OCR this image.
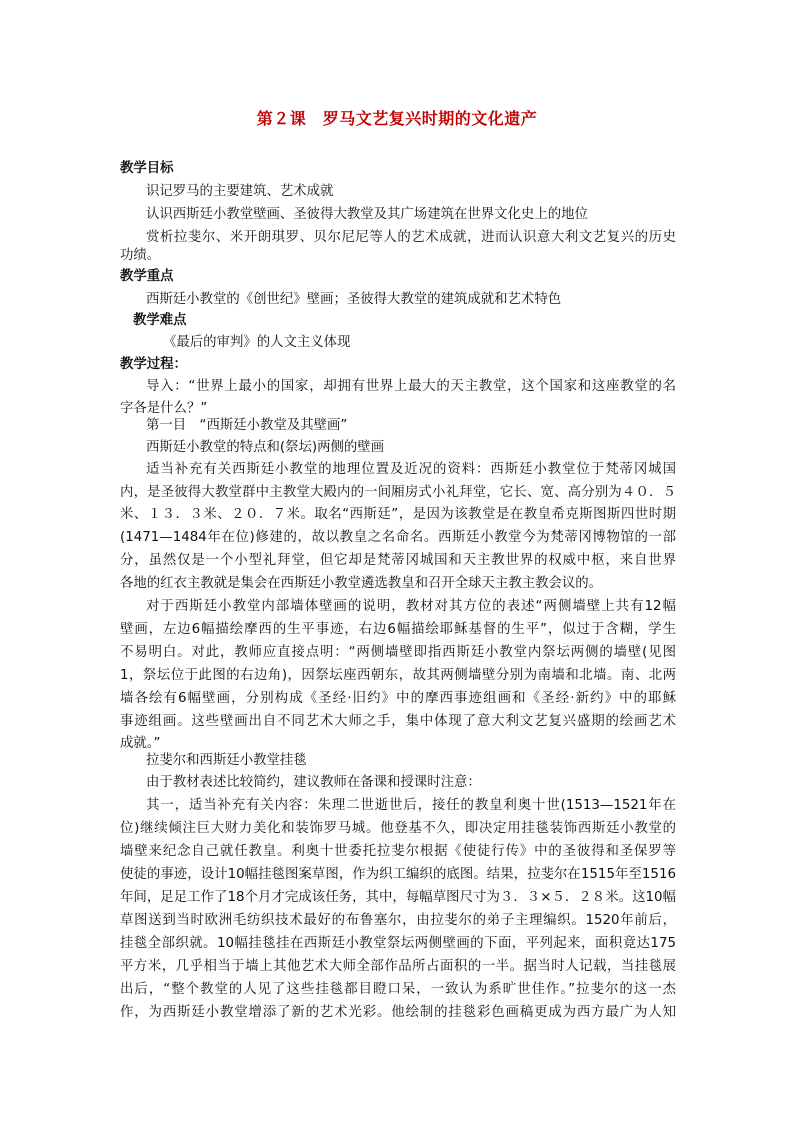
第２课　罗马文艺复兴时期的文化遗产
教学目标
识记罗马的主要建筑、艺术成就
认识西斯廷小教堂壁画、圣彼得大教堂及其广场建筑在世界文化史上的地位
赏析拉斐尔、米开朗琪罗、贝尔尼尼等人的艺术成就，进而认识意大利文艺复兴的历史
功绩。
教学重点
西斯廷小教堂的《创世纪》壁画；圣彼得大教堂的建筑成就和艺术特色
教学难点
《最后的审判》的人文主义体现
教学过程：
导入：“世界上最小的国家，却拥有世界上最大的天主教堂，这个国家和这座教堂的名
字各是什么？”
第一目　“西斯廷小教堂及其壁画”
西斯廷小教堂的特点和(祭坛)两侧的壁画
适当补充有关西斯廷小教堂的地理位置及近况的资料：西斯廷小教堂位于梵蒂冈城国
内，是圣彼得大教堂群中主教堂大殿内的一间厢房式小礼拜堂，它长、宽、高分别为４０．５
米、１３．３米、２０．７米。取名“西斯廷”，是因为该教堂是在教皇希克斯图斯四世时期
(1471—1484年在位)修建的，故以教皇之名命名。西斯廷小教堂今为梵蒂冈博物馆的一部
分，虽然仅是一个小型礼拜堂，但它却是梵蒂冈城国和天主教世界的权威中枢，来自世界
各地的红衣主教就是集会在西斯廷小教堂遴选教皇和召开全球天主教主教会议的。
对于西斯廷小教堂内部墙体壁画的说明，教材对其方位的表述“两侧墙壁上共有12幅
壁画，左边6幅描绘摩西的生平事迹，右边6幅描绘耶稣基督的生平”，似过于含糊，学生
不易明白。对此，教师应直接点明：“两侧墙壁即指西斯廷小教堂内祭坛两侧的墙壁(见图
1，祭坛位于此图的右边角)，因祭坛座西朝东，故其两侧墙壁分别为南墙和北墙。南、北两
墙各绘有6幅壁画，分别构成《圣经·旧约》中的摩西事迹组画和《圣经·新约》中的耶稣
事迹组画。这些壁画出自不同艺术大师之手，集中体现了意大利文艺复兴盛期的绘画艺术
成就。”
拉斐尔和西斯廷小教堂挂毯
由于教材表述比较简约，建议教师在备课和授课时注意：
其一，适当补充有关内容：朱理二世逝世后，接任的教皇利奥十世(1513—1521年在
位)继续倾注巨大财力美化和装饰罗马城。他登基不久，即决定用挂毯装饰西斯廷小教堂的
墙壁来纪念自己就任教皇。利奥十世委托拉斐尔根据《使徒行传》中的圣彼得和圣保罗等
使徒的事迹，设计10幅挂毯图案草图，作为织工编织的底图。结果，拉斐尔在1515年至1516
年间，足足工作了18个月才完成该任务，其中，每幅草图尺寸为３．３×５．２８米。这10幅
草图送到当时欧洲毛纺织技术最好的布鲁塞尔，由拉斐尔的弟子主理编织。1520年前后，
挂毯全部织就。10幅挂毯挂在西斯廷小教堂祭坛两侧壁画的下面，平列起来，面积竟达175
平方米，几乎相当于墙上其他艺术大师全部作品所占面积的一半。据当时人记载，当挂毯展
出后，“整个教堂的人见了这些挂毯都目瞪口呆，一致认为系旷世佳作。”拉斐尔的这一杰
作，为西斯廷小教堂增添了新的艺术光彩。他绘制的挂毯彩色画稿更成为西方最广为人知
